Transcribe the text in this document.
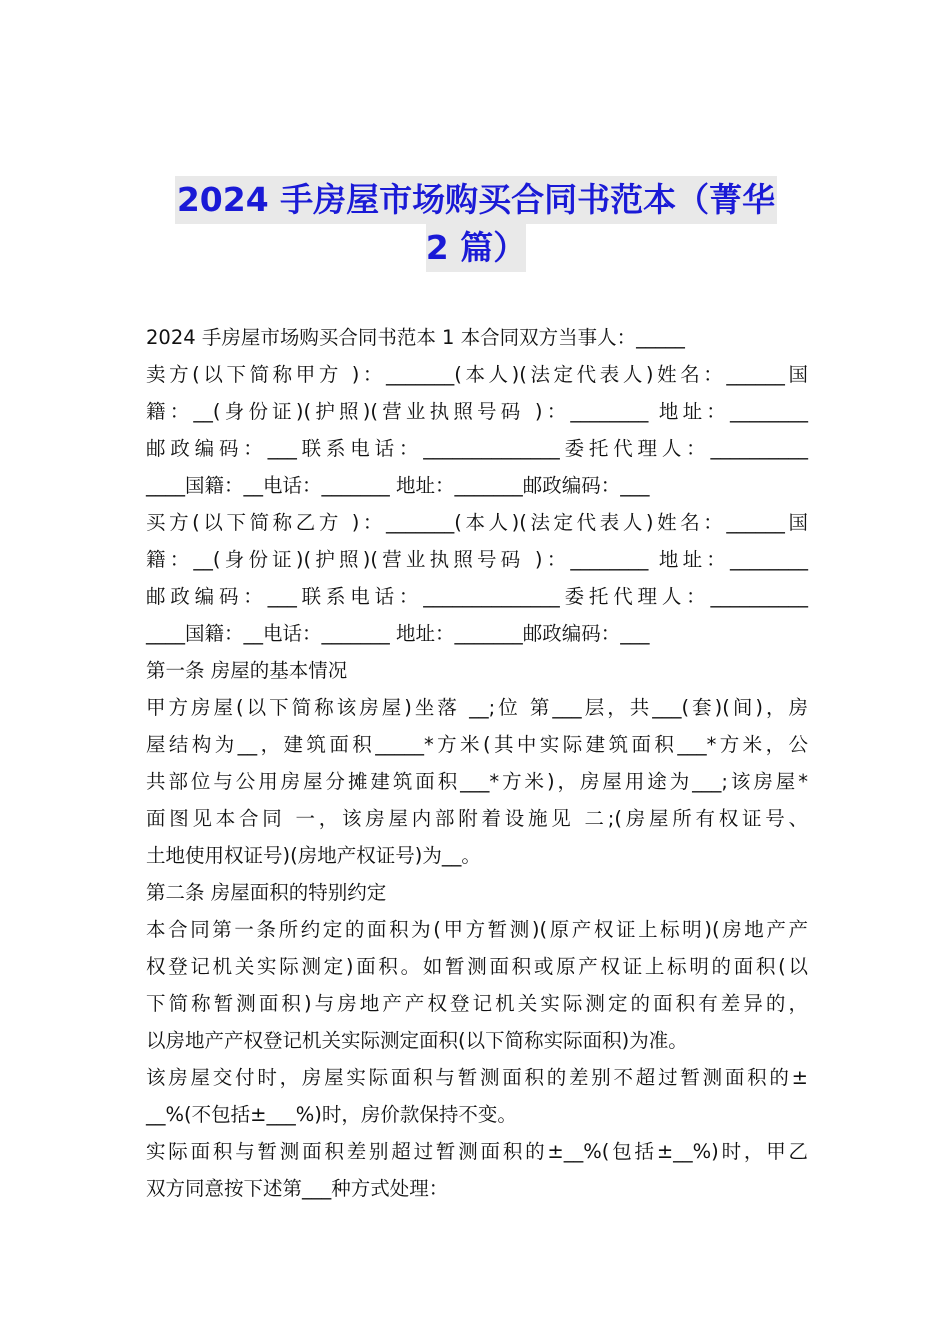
2024 手房屋市场购买合同书范本（菁华
2 篇）
2024 手房屋市场购买合同书范本 1 本合同双方当事人：_____
卖方(以下简称甲方 )：_______(本人)(法定代表人)姓名：______国
籍：__(身份证)(护照)(营业执照号码 )：________ 地址：________
邮政编码：___联系电话：______________委托代理人：__________
____国籍：__电话：_______ 地址：_______邮政编码：___
买方(以下简称乙方 )：_______(本人)(法定代表人)姓名：______国
籍：__(身份证)(护照)(营业执照号码 )：________ 地址：________
邮政编码：___联系电话：______________委托代理人：__________
____国籍：__电话：_______ 地址：_______邮政编码：___
第一条 房屋的基本情况
甲方房屋(以下简称该房屋)坐落 __;位 第___层，共___(套)(间)，房
屋结构为__，建筑面积_____*方米(其中实际建筑面积___*方米，公
共部位与公用房屋分摊建筑面积___*方米)，房屋用途为___;该房屋*
面图见本合同 一，该房屋内部附着设施见 二;(房屋所有权证号、
土地使用权证号)(房地产权证号)为__。
第二条 房屋面积的特别约定
本合同第一条所约定的面积为(甲方暂测)(原产权证上标明)(房地产产
权登记机关实际测定)面积。如暂测面积或原产权证上标明的面积(以
下简称暂测面积)与房地产产权登记机关实际测定的面积有差异的，
以房地产产权登记机关实际测定面积(以下简称实际面积)为准。
该房屋交付时，房屋实际面积与暂测面积的差别不超过暂测面积的±
__%(不包括±___%)时，房价款保持不变。
实际面积与暂测面积差别超过暂测面积的±__%(包括±__%)时，甲乙
双方同意按下述第___种方式处理：
